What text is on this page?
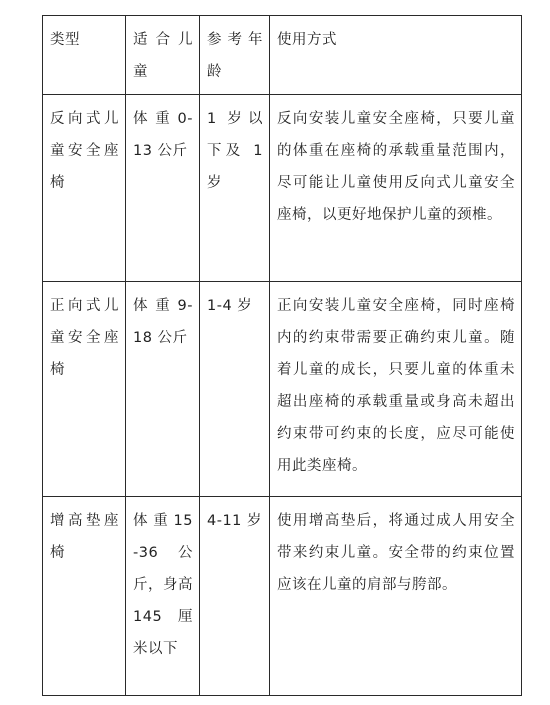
类型	适 合 儿童	参考年龄	使用方式
反向式儿童安全座椅	体 重 0-13 公斤	1 岁以下及 1 岁	反向安装儿童安全座椅，只要儿童的体重在座椅的承载重量范围内，尽可能让儿童使用反向式儿童安全座椅，以更好地保护儿童的颈椎。
正向式儿童安全座椅	体 重 9-18 公斤	1-4 岁	正向安装儿童安全座椅，同时座椅内的约束带需要正确约束儿童。随着儿童的成长，只要儿童的体重未超出座椅的承载重量或身高未超出约束带可约束的长度，应尽可能使用此类座椅。
增高垫座椅	体 重 15-36 公斤，身高 145 厘米以下	4-11 岁	使用增高垫后，将通过成人用安全带来约束儿童。安全带的约束位置应该在儿童的肩部与胯部。
